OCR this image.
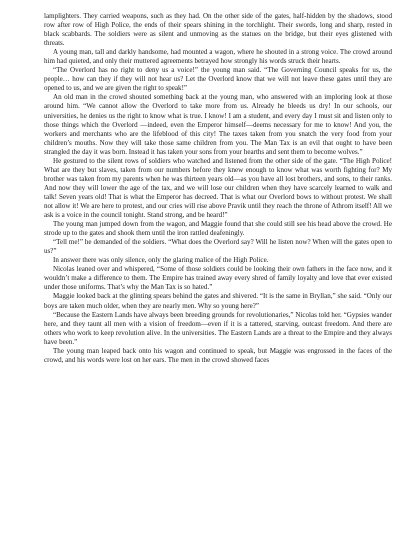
lamplighters. They carried weapons, such as they had. On the other side of the gates, half-hidden by the shadows, stood row after row of High Police, the ends of their spears shining in the torchlight. Their swords, long and sharp, rested in black scabbards. The soldiers were as silent and unmoving as the statues on the bridge, but their eyes glistened with threats.

A young man, tall and darkly handsome, had mounted a wagon, where he shouted in a strong voice. The crowd around him had quieted, and only their muttered agreements betrayed how strongly his words struck their hearts.

“The Overlord has no right to deny us a voice!” the young man said. “The Governing Council speaks for us, the people… how can they if they will not hear us? Let the Overlord know that we will not leave these gates until they are opened to us, and we are given the right to speak!”

An old man in the crowd shouted something back at the young man, who answered with an imploring look at those around him. “We cannot allow the Overlord to take more from us. Already he bleeds us dry! In our schools, our universities, he denies us the right to know what is true. I know! I am a student, and every day I must sit and listen only to those things which the Overlord —indeed, even the Emperor himself—deems necessary for me to know! And you, the workers and merchants who are the lifeblood of this city! The taxes taken from you snatch the very food from your children’s mouths. Now they will take those same children from you. The Man Tax is an evil that ought to have been strangled the day it was born. Instead it has taken your sons from your hearths and sent them to become wolves.”

He gestured to the silent rows of soldiers who watched and listened from the other side of the gate. “The High Police! What are they but slaves, taken from our numbers before they knew enough to know what was worth fighting for? My brother was taken from my parents when he was thirteen years old—as you have all lost brothers, and sons, to their ranks. And now they will lower the age of the tax, and we will lose our children when they have scarcely learned to walk and talk! Seven years old! That is what the Emperor has decreed. That is what our Overlord bows to without protest. We shall not allow it! We are here to protest, and our cries will rise above Pravik until they reach the throne of Athrom itself! All we ask is a voice in the council tonight. Stand strong, and be heard!”

The young man jumped down from the wagon, and Maggie found that she could still see his head above the crowd. He strode up to the gates and shook them until the iron rattled deafeningly.

“Tell me!” he demanded of the soldiers. “What does the Overlord say? Will he listen now? When will the gates open to us?”

In answer there was only silence, only the glaring malice of the High Police.

Nicolas leaned over and whispered, “Some of those soldiers could be looking their own fathers in the face now, and it wouldn’t make a difference to them. The Empire has trained away every shred of family loyalty and love that ever existed under those uniforms. That’s why the Man Tax is so hated.”

Maggie looked back at the glinting spears behind the gates and shivered. “It is the same in Bryllan,” she said. “Only our boys are taken much older, when they are nearly men. Why so young here?”

“Because the Eastern Lands have always been breeding grounds for revolutionaries,” Nicolas told her. “Gypsies wander here, and they taunt all men with a vision of freedom—even if it is a tattered, starving, outcast freedom. And there are others who work to keep revolution alive. In the universities. The Eastern Lands are a threat to the Empire and they always have been.”

The young man leaped back onto his wagon and continued to speak, but Maggie was engrossed in the faces of the crowd, and his words were lost on her ears. The men in the crowd showed faces
